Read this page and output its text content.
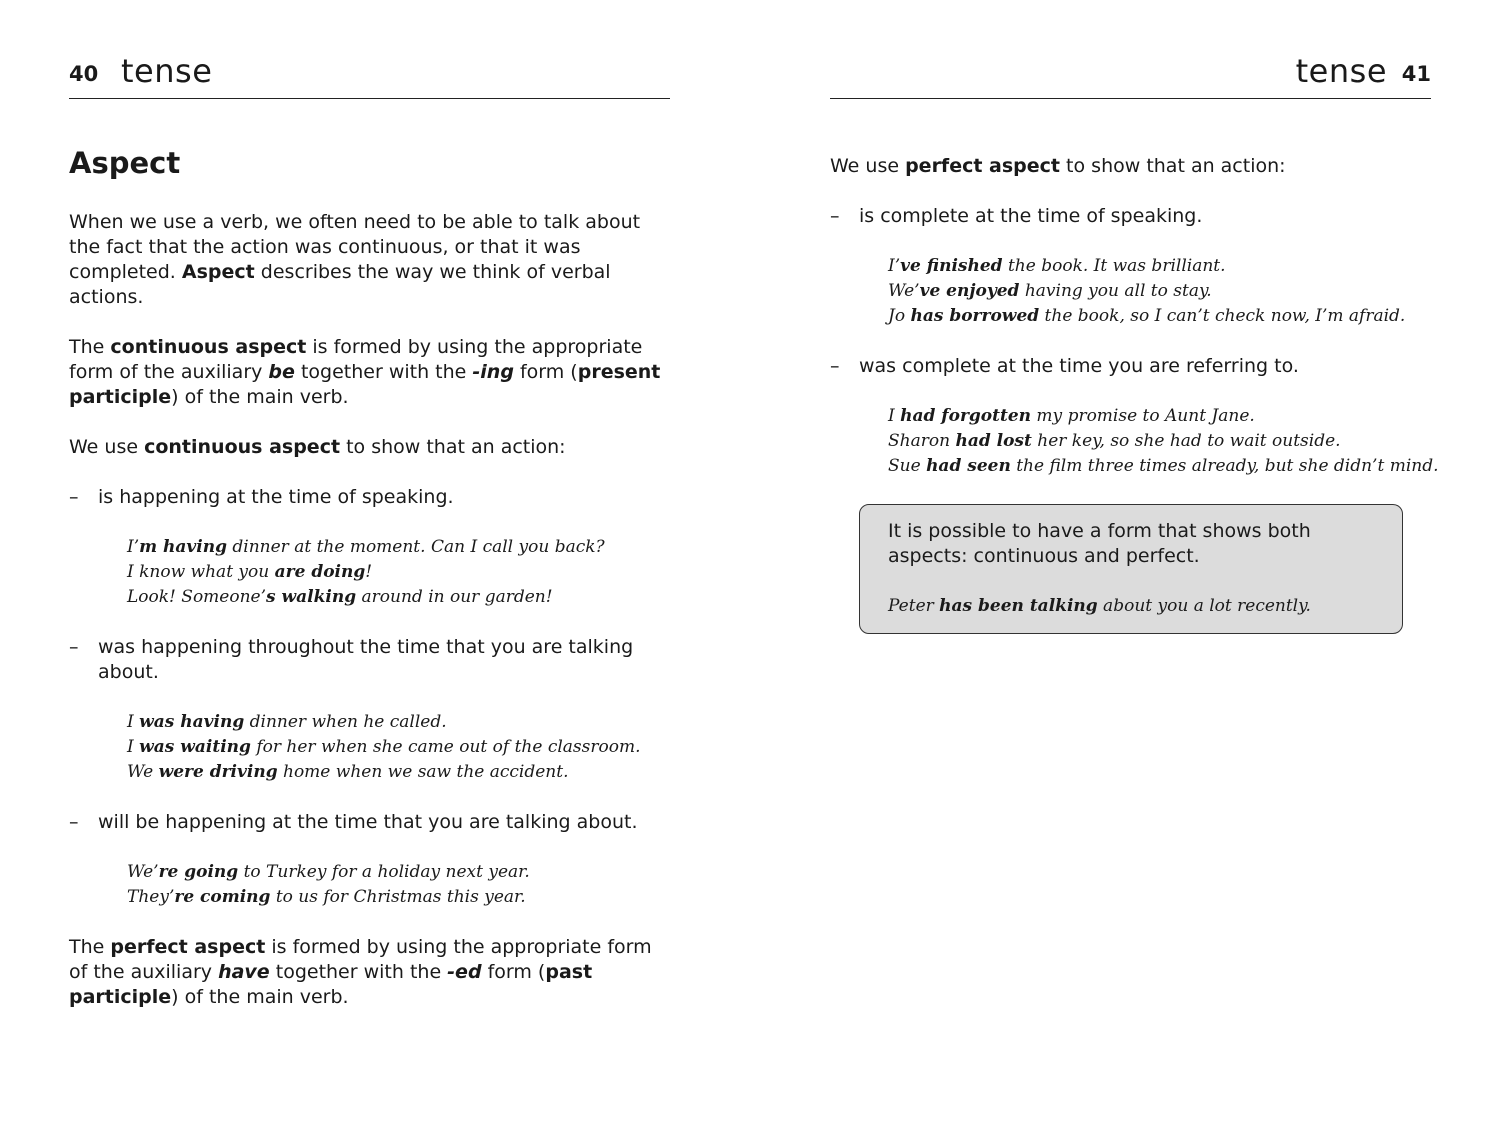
40 tense
Aspect

When we use a verb, we often need to be able to talk about the fact that the action was continuous, or that it was completed. Aspect describes the way we think of verbal actions.

The continuous aspect is formed by using the appropriate form of the auxiliary be together with the -ing form (present participle) of the main verb.

We use continuous aspect to show that an action:

– is happening at the time of speaking.
I’m having dinner at the moment. Can I call you back?
I know what you are doing!
Look! Someone’s walking around in our garden!
– was happening throughout the time that you are talking about.
I was having dinner when he called.
I was waiting for her when she came out of the classroom.
We were driving home when we saw the accident.
– will be happening at the time that you are talking about.
We’re going to Turkey for a holiday next year.
They’re coming to us for Christmas this year.

The perfect aspect is formed by using the appropriate form of the auxiliary have together with the -ed form (past participle) of the main verb.

tense 41

We use perfect aspect to show that an action:

– is complete at the time of speaking.
I’ve finished the book. It was brilliant.
We’ve enjoyed having you all to stay.
Jo has borrowed the book, so I can’t check now, I’m afraid.
– was complete at the time you are referring to.
I had forgotten my promise to Aunt Jane.
Sharon had lost her key, so she had to wait outside.
Sue had seen the film three times already, but she didn’t mind.

It is possible to have a form that shows both aspects: continuous and perfect.

Peter has been talking about you a lot recently.
